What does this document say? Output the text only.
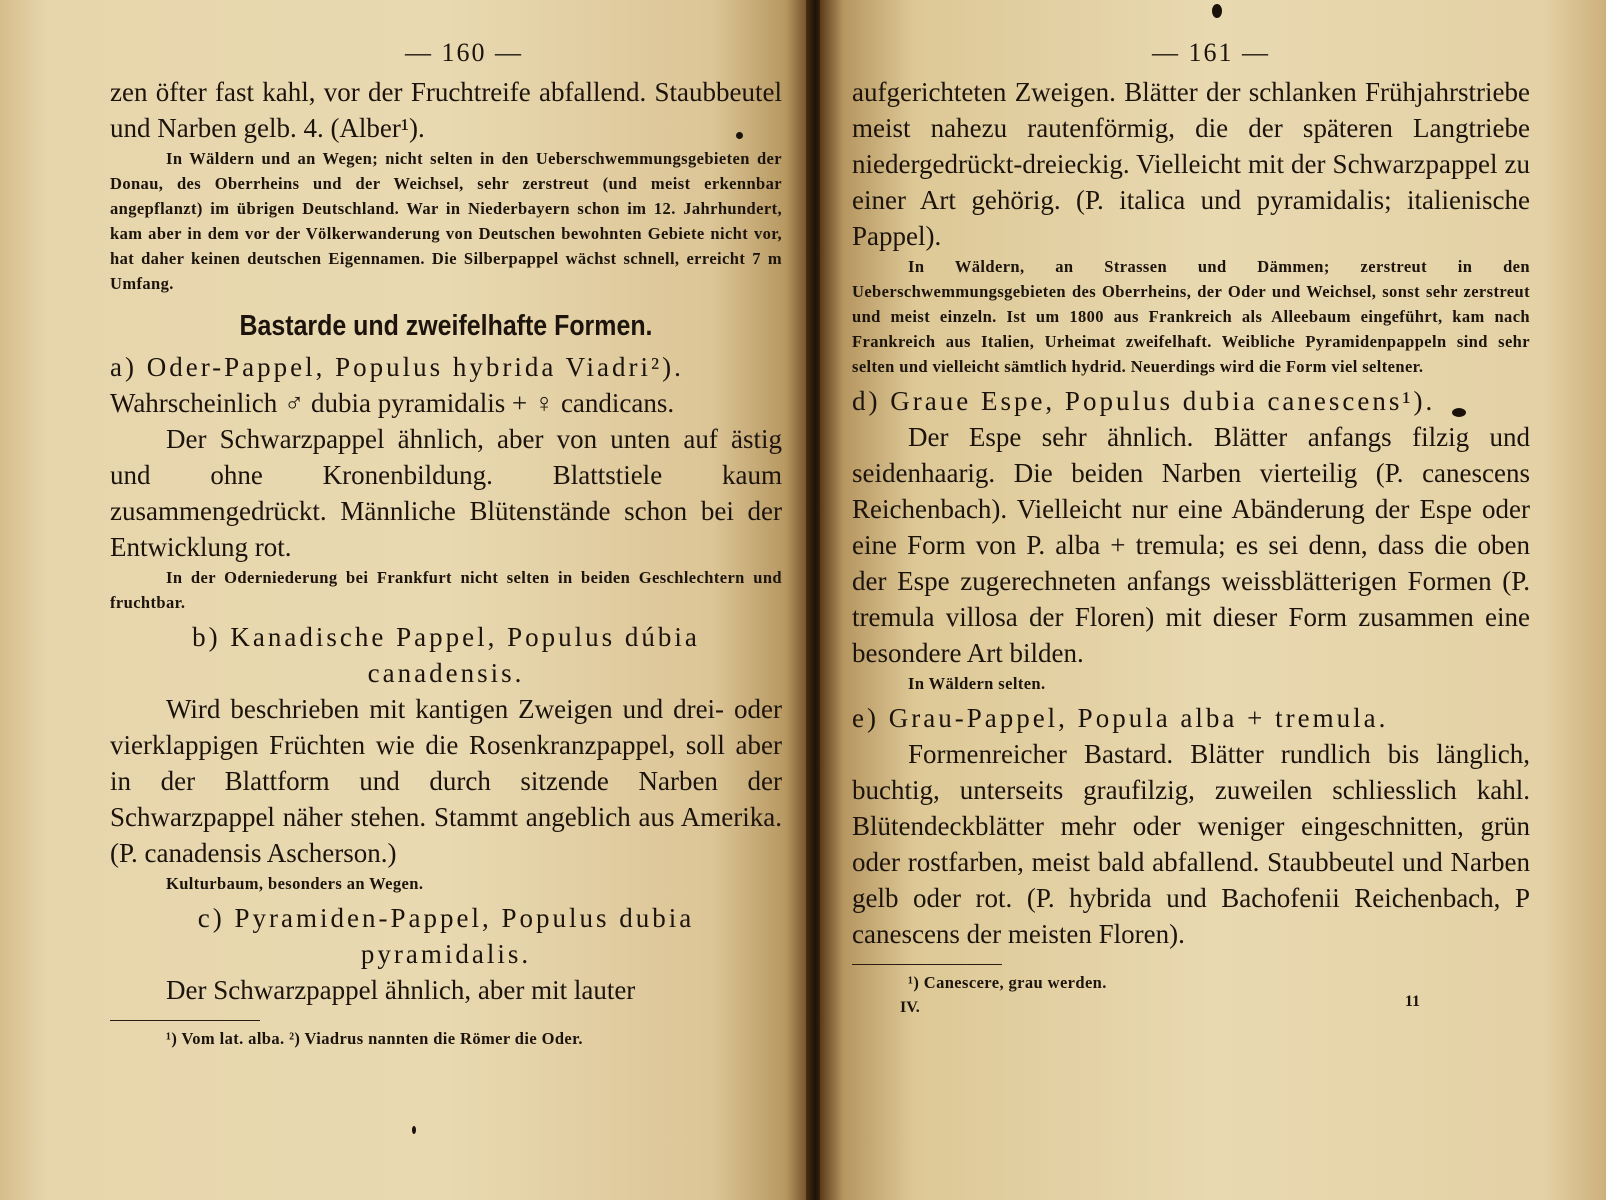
— 160 —

zen öfter fast kahl, vor der Fruchtreife abfallend. Staubbeutel und Narben gelb. 4. (Alber¹).

In Wäldern und an Wegen; nicht selten in den Ueberschwemmungsgebieten der Donau, des Oberrheins und der Weichsel, sehr zerstreut (und meist erkennbar angepflanzt) im übrigen Deutschland. War in Niederbayern schon im 12. Jahrhundert, kam aber in dem vor der Völkerwanderung von Deutschen bewohnten Gebiete nicht vor, hat daher keinen deutschen Eigennamen. Die Silberpappel wächst schnell, erreicht 7 m Umfang.

Bastarde und zweifelhafte Formen.

a) Oder-Pappel, Populus hybrida Viadri²).

Wahrscheinlich ♂ dubia pyramidalis + ♀ candicans.

Der Schwarzpappel ähnlich, aber von unten auf ästig und ohne Kronenbildung. Blattstiele kaum zusammengedrückt. Männliche Blütenstände schon bei der Entwicklung rot.

In der Oderniederung bei Frankfurt nicht selten in beiden Geschlechtern und fruchtbar.

b) Kanadische Pappel, Populus dúbia

canadensis.

Wird beschrieben mit kantigen Zweigen und drei- oder vierklappigen Früchten wie die Rosenkranzpappel, soll aber in der Blattform und durch sitzende Narben der Schwarzpappel näher stehen. Stammt angeblich aus Amerika. (P. canadensis Ascherson.)

Kulturbaum, besonders an Wegen.

c) Pyramiden-Pappel, Populus dubia

pyramidalis.

Der Schwarzpappel ähnlich, aber mit lauter

¹) Vom lat. alba. ²) Viadrus nannten die Römer die Oder.

— 161 —

aufgerichteten Zweigen. Blätter der schlanken Frühjahrstriebe meist nahezu rautenförmig, die der späteren Langtriebe niedergedrückt-dreieckig. Vielleicht mit der Schwarzpappel zu einer Art gehörig. (P. italica und pyramidalis; italienische Pappel).

In Wäldern, an Strassen und Dämmen; zerstreut in den Ueberschwemmungsgebieten des Oberrheins, der Oder und Weichsel, sonst sehr zerstreut und meist einzeln. Ist um 1800 aus Frankreich als Alleebaum eingeführt, kam nach Frankreich aus Italien, Urheimat zweifelhaft. Weibliche Pyramidenpappeln sind sehr selten und vielleicht sämtlich hydrid. Neuerdings wird die Form viel seltener.

d) Graue Espe, Populus dubia canescens¹).

Der Espe sehr ähnlich. Blätter anfangs filzig und seidenhaarig. Die beiden Narben vierteilig (P. canescens Reichenbach). Vielleicht nur eine Abänderung der Espe oder eine Form von P. alba + tremula; es sei denn, dass die oben der Espe zugerechneten anfangs weissblätterigen Formen (P. tremula villosa der Floren) mit dieser Form zusammen eine besondere Art bilden.

In Wäldern selten.

e) Grau-Pappel, Popula alba + tremula.

Formenreicher Bastard. Blätter rundlich bis länglich, buchtig, unterseits graufilzig, zuweilen schliesslich kahl. Blütendeckblätter mehr oder weniger eingeschnitten, grün oder rostfarben, meist bald abfallend. Staubbeutel und Narben gelb oder rot. (P. hybrida und Bachofenii Reichenbach, P canescens der meisten Floren).

¹) Canescere, grau werden.

IV.	11
